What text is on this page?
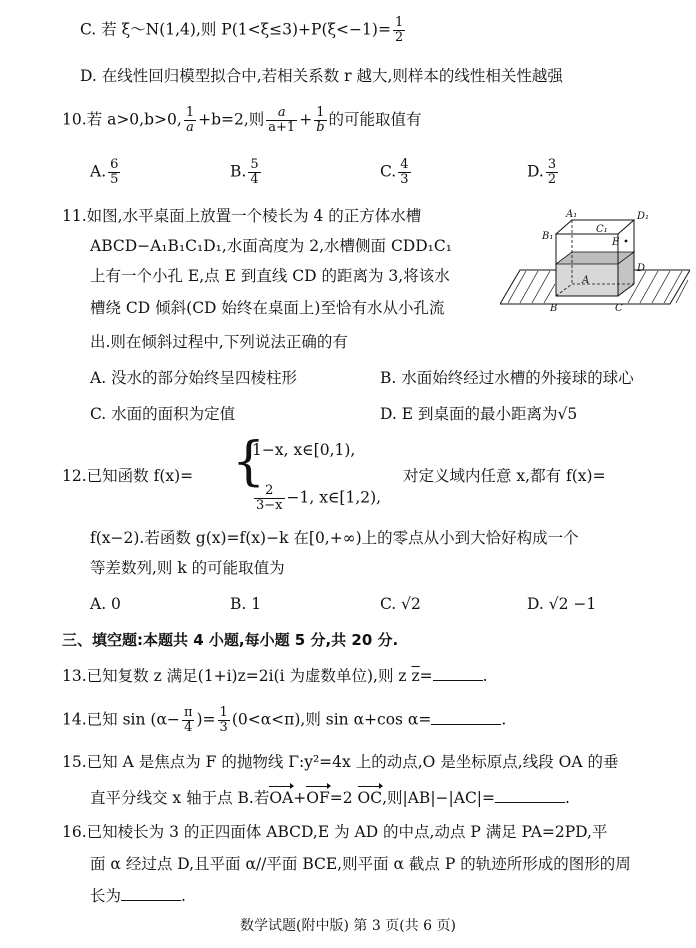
C. 若 ξ～N(1,4),则 $P(1<\xi\le 3)+P(\xi<-1)= \frac{1}{2}$
D. 在线性回归模型拟合中,若相关系数 r 越大,则样本的线性相关性越强
10.若 a>0,b>0, $\frac{1}{a} +b=2$,则 $\frac{a}{a+1} + \frac{1}{b}$ 的可能取值有
A. $\frac{6}{5}$	B. $\frac{5}{4}$	C. $\frac{4}{3}$	D. $\frac{3}{2}$
11.如图,水平桌面上放置一个棱长为 4 的正方体水槽
ABCD−A₁B₁C₁D₁,水面高度为 2,水槽侧面 CDD₁C₁
上有一个小孔 E,点 E 到直线 CD 的距离为 3,将该水
槽绕 CD 倾斜(CD 始终在桌面上)至恰有水从小孔流
出.则在倾斜过程中,下列说法正确的有
A. 没水的部分始终呈四棱柱形	B. 水面始终经过水槽的外接球的球心
C. 水面的面积为定值	D. E 到桌面的最小距离为√5
A₁	D₁
B₁
C₁
E
D
A
B	C
12.已知函数 f(x)= {
1−x, x∈[0,1),
$\frac{2}{3-x} -1$, x∈[1,2),
对定义域内任意 x,都有 f(x)=
f(x−2).若函数 g(x)=f(x)−k 在[0,+∞)上的零点从小到大恰好构成一个
等差数列,则 k 的可能取值为
A. 0	B. 1	C. √2	D. √2 −1
三、填空题:本题共 4 小题,每小题 5 分,共 20 分.
13.已知复数 z 满足(1+i)z=2i(i 为虚数单位),则 z $\overline{z}=$	.
14.已知 $\sin (\alpha- \frac{\pi}{4}$ )= $\frac{1}{3} (0<\alpha<\pi)$,则 sin α+cos α=	.
15.已知 A 是焦点为 F 的抛物线 Γ:y²=4x 上的动点,O 是坐标原点,线段 OA 的垂
直平分线交 x 轴于点 B.若OA+OF=2 OC,则|AB|−|AC|=	.
16.已知棱长为 3 的正四面体 ABCD,E 为 AD 的中点,动点 P 满足 PA=2PD,平
面 α 经过点 D,且平面 α//平面 BCE,则平面 α 截点 P 的轨迹所形成的图形的周
长为	.
数学试题(附中版) 第 3 页(共 6 页)
